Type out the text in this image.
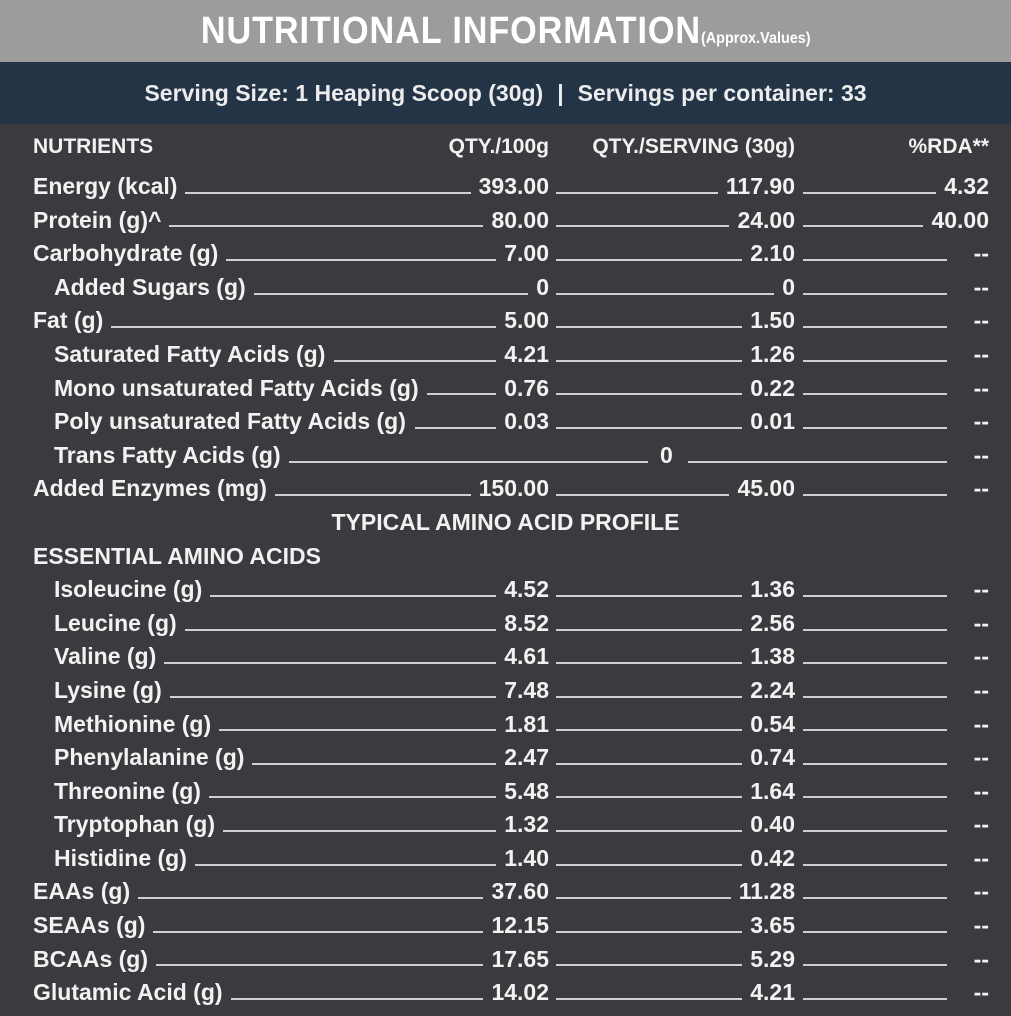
NUTRITIONAL INFORMATION(Approx.Values)
Serving Size: 1 Heaping Scoop (30g) | Servings per container: 33
NUTRIENTS	QTY./100g QTY./SERVING (30g)	%RDA**
Energy (kcal)	393.00	117.90	4.32
Protein (g)^	80.00	24.00	40.00
Carbohydrate (g)	7.00	2.10	--
Added Sugars (g)	0	0	--
Fat (g)	5.00	1.50	--
Saturated Fatty Acids (g)	4.21	1.26	--
Mono unsaturated Fatty Acids (g)	0.76	0.22	--
Poly unsaturated Fatty Acids (g)	0.03	0.01	--
Trans Fatty Acids (g)	0	--
Added Enzymes (mg)	150.00	45.00	--
TYPICAL AMINO ACID PROFILE
ESSENTIAL AMINO ACIDS
Isoleucine (g)	4.52	1.36	--
Leucine (g)	8.52	2.56	--
Valine (g)	4.61	1.38	--
Lysine (g)	7.48	2.24	--
Methionine (g)	1.81	0.54	--
Phenylalanine (g)	2.47	0.74	--
Threonine (g)	5.48	1.64	--
Tryptophan (g)	1.32	0.40	--
Histidine (g)	1.40	0.42	--
EAAs (g)	37.60	11.28	--
SEAAs (g)	12.15	3.65	--
BCAAs (g)	17.65	5.29	--
Glutamic Acid (g)	14.02	4.21	--
